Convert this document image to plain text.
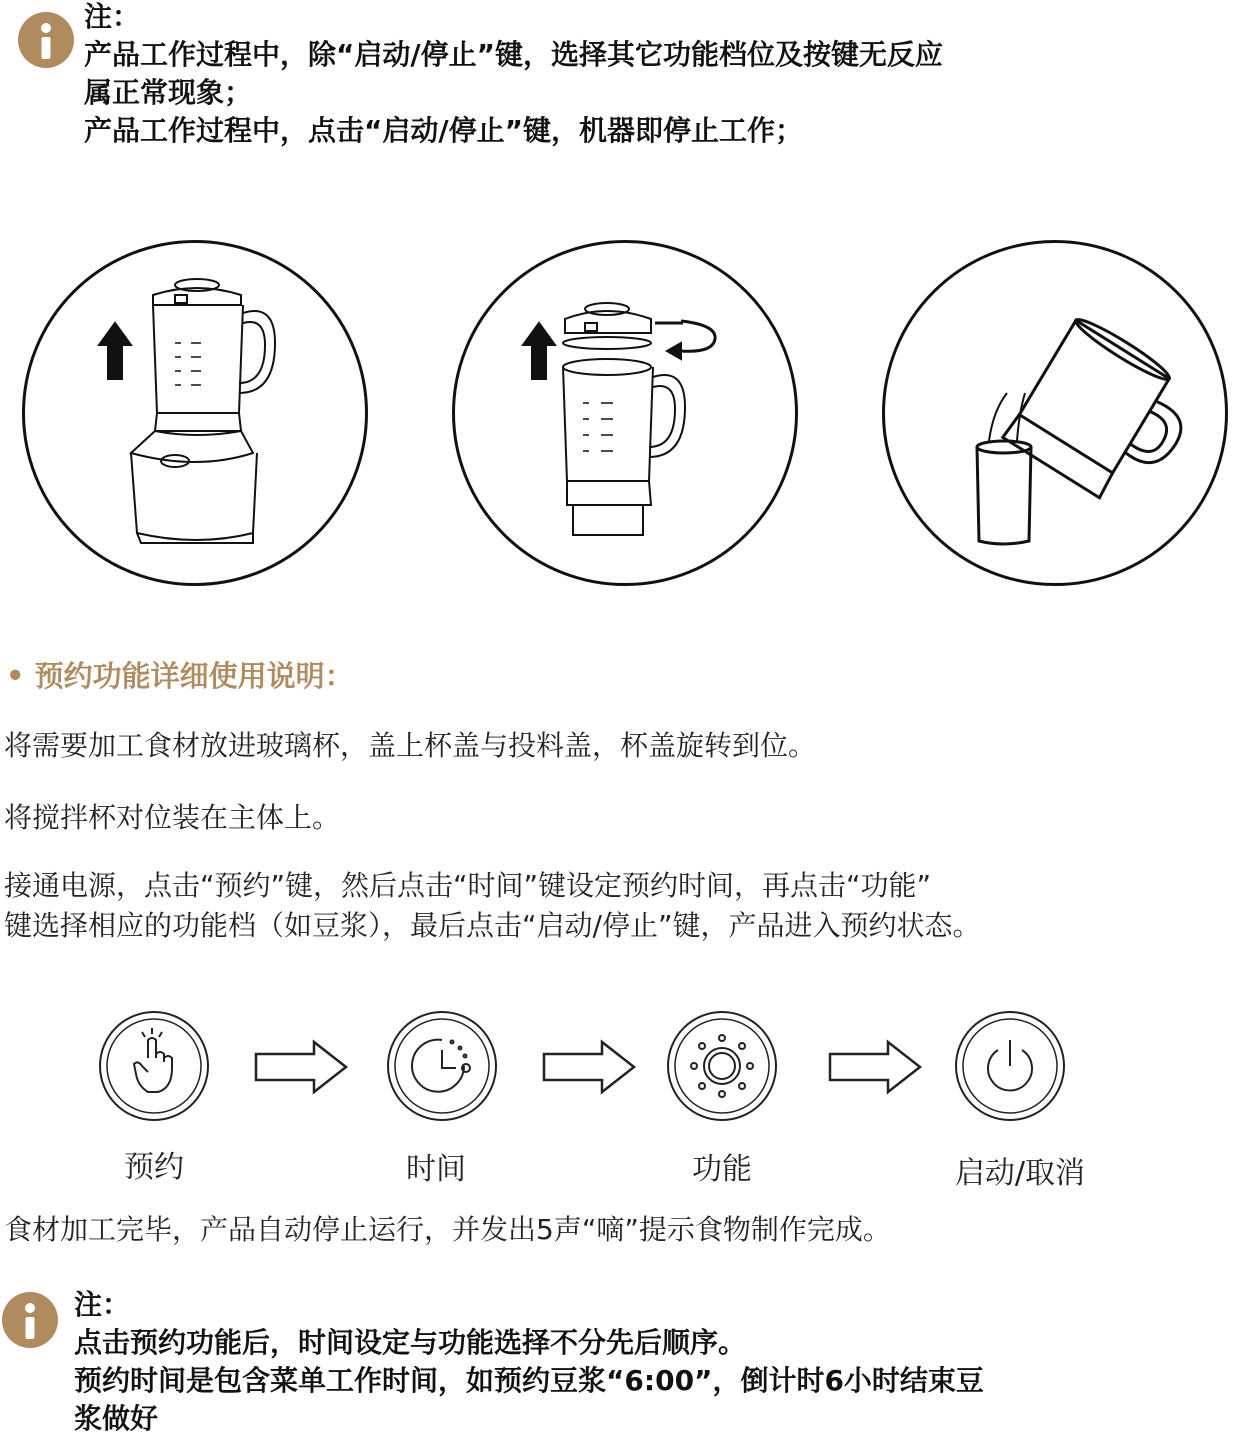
注：
产品工作过程中，除“启动/停止”键，选择其它功能档位及按键无反应
属正常现象；
产品工作过程中，点击“启动/停止”键，机器即停止工作；
• 预约功能详细使用说明：
将需要加工食材放进玻璃杯，盖上杯盖与投料盖，杯盖旋转到位。
将搅拌杯对位装在主体上。
接通电源，点击“预约”键，然后点击“时间”键设定预约时间，再点击“功能”
键选择相应的功能档（如豆浆），最后点击“启动/停止”键，产品进入预约状态。
预约	时间	功能	启动/取消
食材加工完毕，产品自动停止运行，并发出5声“嘀”提示食物制作完成。
注：
点击预约功能后，时间设定与功能选择不分先后顺序。
预约时间是包含菜单工作时间，如预约豆浆“6:00”，倒计时6小时结束豆
浆做好
